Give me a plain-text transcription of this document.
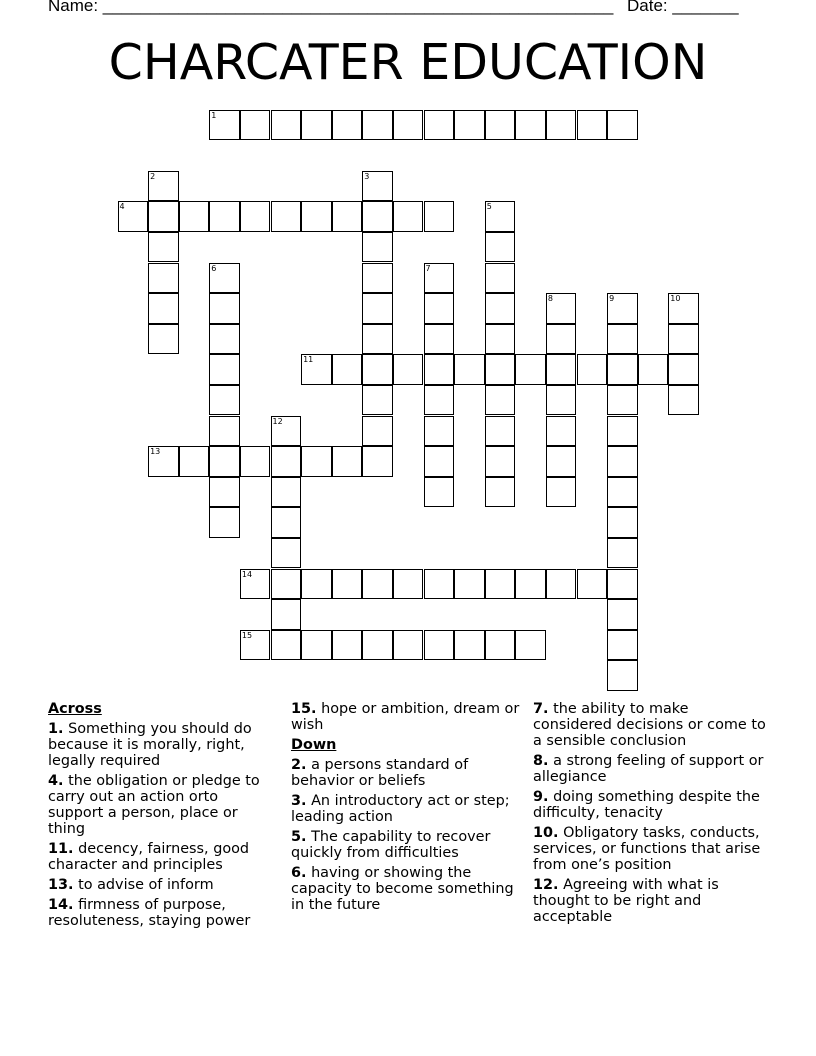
Name: ______________________________________________________ Date: _______
CHARCATER EDUCATION
1
2	3
4	5
6	7
8	9	10
11
12
13
14
15
Across
1. Something you should do because it is morally, right, legally required
4. the obligation or pledge to carry out an action orto support a person, place or thing
11. decency, fairness, good character and principles
13. to advise of inform
14. firmness of purpose, resoluteness, staying power
15. hope or ambition, dream or wish
Down
2. a persons standard of behavior or beliefs
3. An introductory act or step; leading action
5. The capability to recover quickly from difficulties
6. having or showing the capacity to become something in the future
7. the ability to make considered decisions or come to a sensible conclusion
8. a strong feeling of support or allegiance
9. doing something despite the difficulty, tenacity
10. Obligatory tasks, conducts, services, or functions that arise from one’s position
12. Agreeing with what is thought to be right and acceptable
